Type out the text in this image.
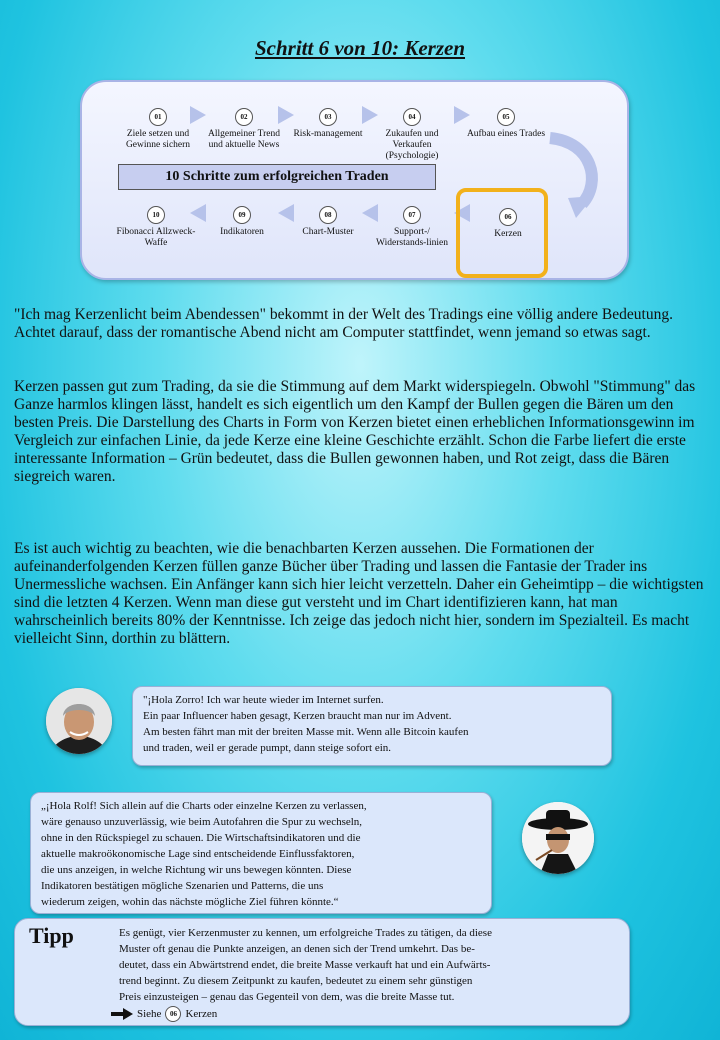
Schritt 6 von 10: Kerzen
01
Ziele setzen und Gewinne sichern
02
Allgemeiner Trend und aktuelle News
03
Risk-management
04
Zukaufen und Verkaufen (Psychologie)
05
Aufbau eines Trades
10
Fibonacci Allzweck-Waffe
09
Indikatoren
08
Chart-Muster
07
Support-/ Widerstands-linien
06
Kerzen
10 Schritte zum erfolgreichen Traden
"Ich mag Kerzenlicht beim Abendessen" bekommt in der Welt des Tradings eine völlig andere Bedeutung. Achtet darauf, dass der romantische Abend nicht am Computer stattfindet, wenn jemand so etwas sagt.
Kerzen passen gut zum Trading, da sie die Stimmung auf dem Markt widerspiegeln. Obwohl "Stimmung" das Ganze harmlos klingen lässt, handelt es sich eigentlich um den Kampf der Bullen gegen die Bären um den besten Preis. Die Darstellung des Charts in Form von Kerzen bietet einen erheblichen Informationsgewinn im Vergleich zur einfachen Linie, da jede Kerze eine kleine Geschichte erzählt. Schon die Farbe liefert die erste interessante Information – Grün bedeutet, dass die Bullen gewonnen haben, und Rot zeigt, dass die Bären siegreich waren.
Es ist auch wichtig zu beachten, wie die benachbarten Kerzen aussehen. Die Formationen der aufeinanderfolgenden Kerzen füllen ganze Bücher über Trading und lassen die Fantasie der Trader ins Unermessliche wachsen. Ein Anfänger kann sich hier leicht verzetteln. Daher ein Geheimtipp – die wichtigsten sind die letzten 4 Kerzen. Wenn man diese gut versteht und im Chart identifizieren kann, hat man wahrscheinlich bereits 80% der Kenntnisse. Ich zeige das jedoch nicht hier, sondern im Spezialteil. Es macht vielleicht Sinn, dorthin zu blättern.

"¡Hola Zorro! Ich war heute wieder im Internet surfen.

Ein paar Influencer haben gesagt, Kerzen braucht man nur im Advent.

Am besten fährt man mit der breiten Masse mit. Wenn alle Bitcoin kaufen

und traden, weil er gerade pumpt, dann steige sofort ein.

„¡Hola Rolf! Sich allein auf die Charts oder einzelne Kerzen zu verlassen,

wäre genauso unzuverlässig, wie beim Autofahren die Spur zu wechseln,

ohne in den Rückspiegel zu schauen. Die Wirtschaftsindikatoren und die

aktuelle makroökonomische Lage sind entscheidende Einflussfaktoren,

die uns anzeigen, in welche Richtung wir uns bewegen könnten. Diese

Indikatoren bestätigen mögliche Szenarien und Patterns, die uns

wiederum zeigen, wohin das nächste mögliche Ziel führen könnte.“

Tipp	Es genügt, vier Kerzenmuster zu kennen, um erfolgreiche Trades zu tätigen, da diese

Muster oft genau die Punkte anzeigen, an denen sich der Trend umkehrt. Das be-

deutet, dass ein Abwärtstrend endet, die breite Masse verkauft hat und ein Aufwärts-

trend beginnt. Zu diesem Zeitpunkt zu kaufen, bedeutet zu einem sehr günstigen

Preis einzusteigen – genau das Gegenteil von dem, was die breite Masse tut.

Siehe	06 Kerzen
